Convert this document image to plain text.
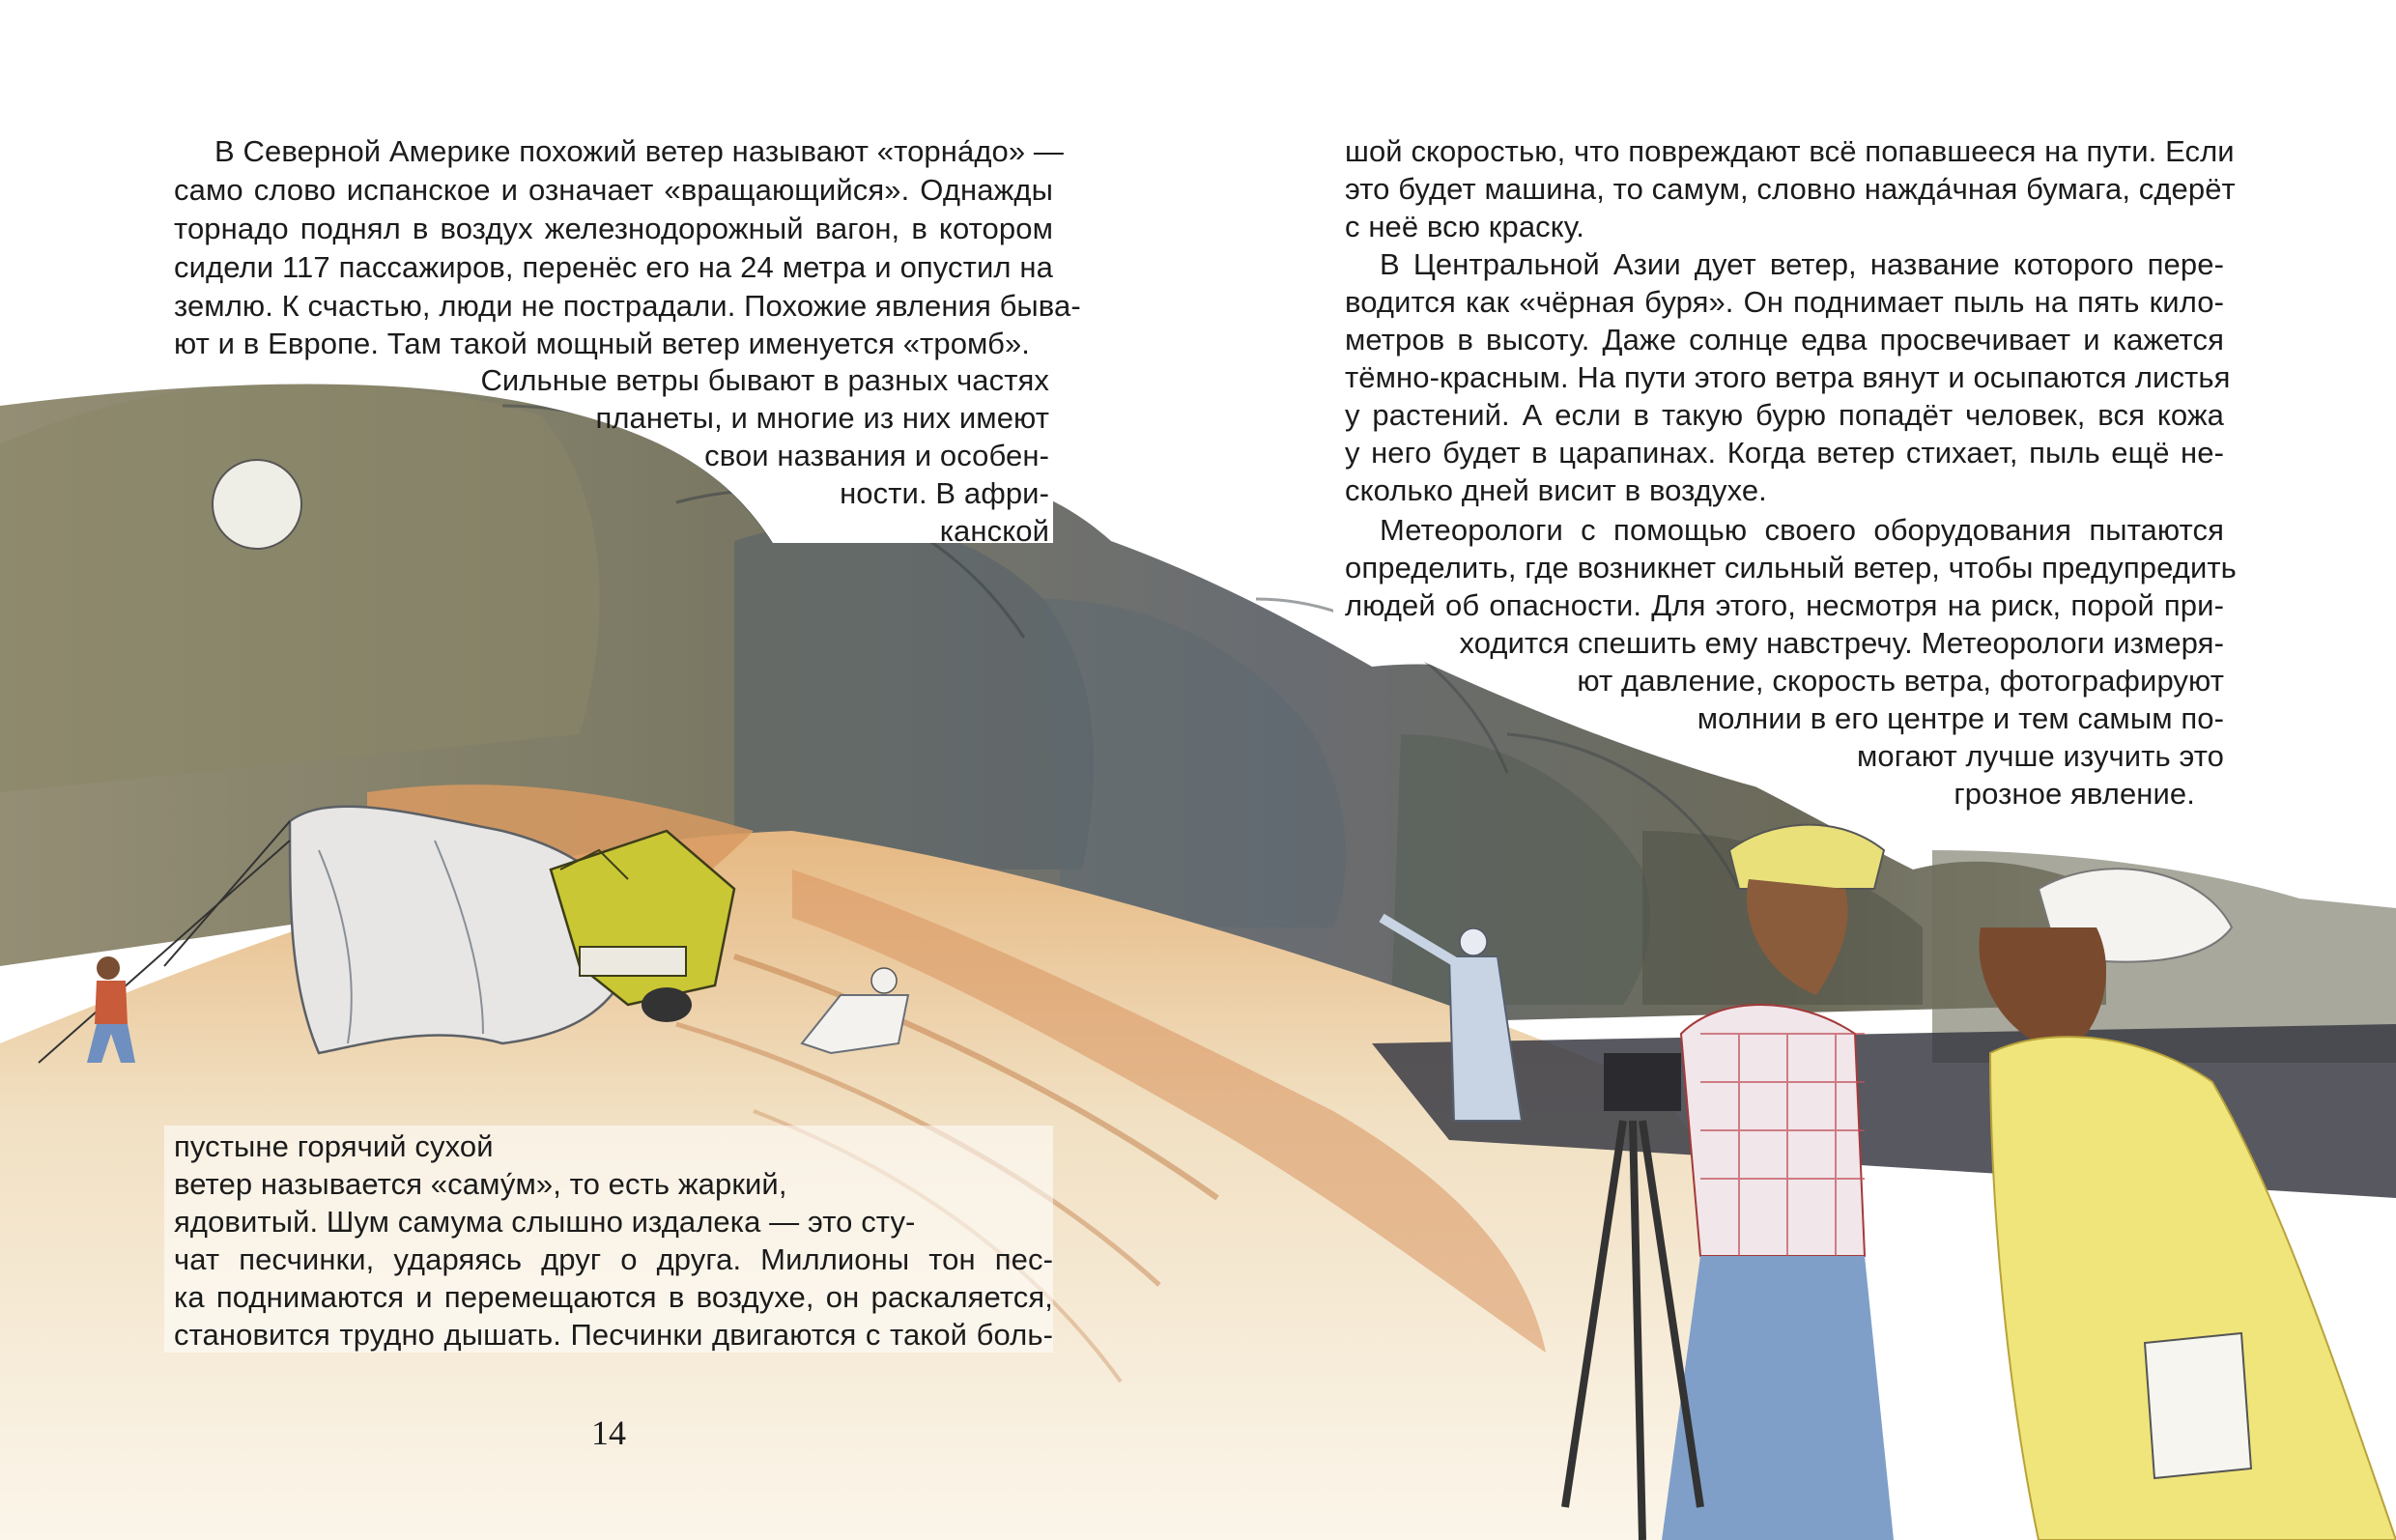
В Северной Америке похожий ветер называют «торна́до» —

само слово испанское и означает «вращающийся». Однажды

торнадо поднял в воздух железнодорожный вагон, в котором

сидели 117 пассажиров, перенёс его на 24 метра и опустил на

землю. К счастью, люди не пострадали. Похожие явления быва-

ют и в Европе. Там такой мощный ветер именуется «тромб».

Сильные ветры бывают в разных частях

планеты, и многие из них имеют

свои названия и особен-

ности. В афри-

канской

пустыне горячий сухой

ветер называется «саму́м», то есть жаркий,

ядовитый. Шум самума слышно издалека — это сту-

чат песчинки, ударяясь друг о друга. Миллионы тон пес-

ка поднимаются и перемещаются в воздухе, он раскаляется,

становится трудно дышать. Песчинки двигаются с такой боль-

14

шой скоростью, что повреждают всё попавшееся на пути. Если

это будет машина, то самум, словно нажда́чная бумага, сдерёт

с неё всю краску.

В Центральной Азии дует ветер, название которого пере-

водится как «чёрная буря». Он поднимает пыль на пять кило-

метров в высоту. Даже солнце едва просвечивает и кажется

тёмно-красным. На пути этого ветра вянут и осыпаются листья

у растений. А если в такую бурю попадёт человек, вся кожа

у него будет в царапинах. Когда ветер стихает, пыль ещё не-

сколько дней висит в воздухе.

Метеорологи с помощью своего оборудования пытаются

определить, где возникнет сильный ветер, чтобы предупредить

людей об опасности. Для этого, несмотря на риск, порой при-

ходится спешить ему навстречу. Метеорологи измеря-

ют давление, скорость ветра, фотографируют

молнии в его центре и тем самым по-

могают лучше изучить это

грозное явление.
